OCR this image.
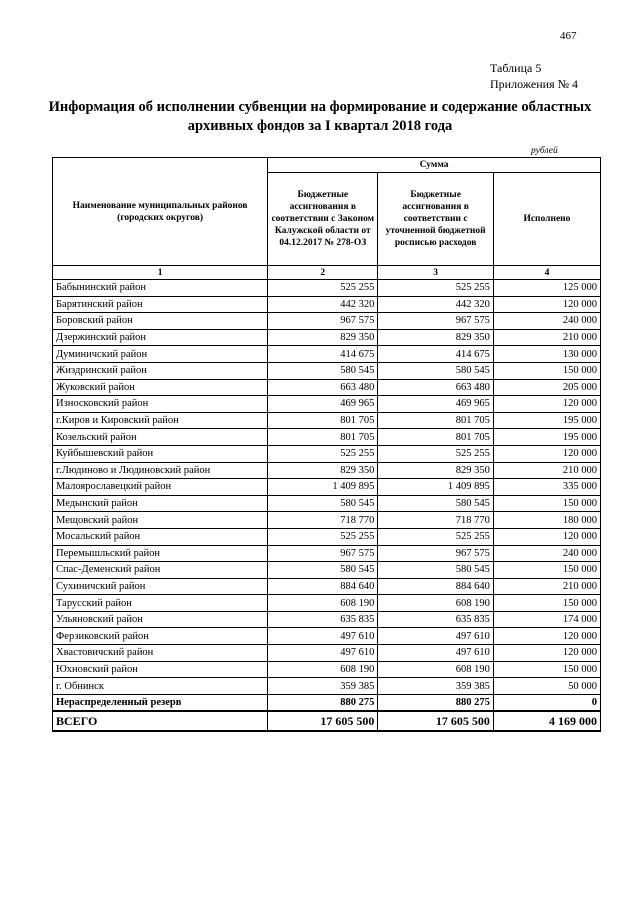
467
Таблица 5
Приложения № 4
Информация об исполнении субвенции на формирование и содержание областных архивных фондов за I квартал 2018 года
рублей
Наименование муниципальных районов (городских округов)	Сумма		
	Бюджетные ассигнования в соответствии с Законом Калужской области от 04.12.2017 № 278-ОЗ	Бюджетные ассигнования в соответствии с уточненной бюджетной росписью расходов	Исполнено
1	2	3	4
Бабынинский район	525 255	525 255	125 000
Барятинский район	442 320	442 320	120 000
Боровский район	967 575	967 575	240 000
Дзержинский район	829 350	829 350	210 000
Думиничский район	414 675	414 675	130 000
Жиздринский район	580 545	580 545	150 000
Жуковский район	663 480	663 480	205 000
Износковский район	469 965	469 965	120 000
г.Киров и Кировский район	801 705	801 705	195 000
Козельский район	801 705	801 705	195 000
Куйбышевский район	525 255	525 255	120 000
г.Людиново и Людиновский район	829 350	829 350	210 000
Малоярославецкий район	1 409 895	1 409 895	335 000
Медынский район	580 545	580 545	150 000
Мещовский район	718 770	718 770	180 000
Мосальский район	525 255	525 255	120 000
Перемышльский район	967 575	967 575	240 000
Спас-Деменский район	580 545	580 545	150 000
Сухиничский район	884 640	884 640	210 000
Тарусский район	608 190	608 190	150 000
Ульяновский район	635 835	635 835	174 000
Ферзиковский район	497 610	497 610	120 000
Хвастовичский район	497 610	497 610	120 000
Юхновский район	608 190	608 190	150 000
г. Обнинск	359 385	359 385	50 000
Нераспределенный резерв	880 275	880 275	0
ВСЕГО	17 605 500	17 605 500	4 169 000
